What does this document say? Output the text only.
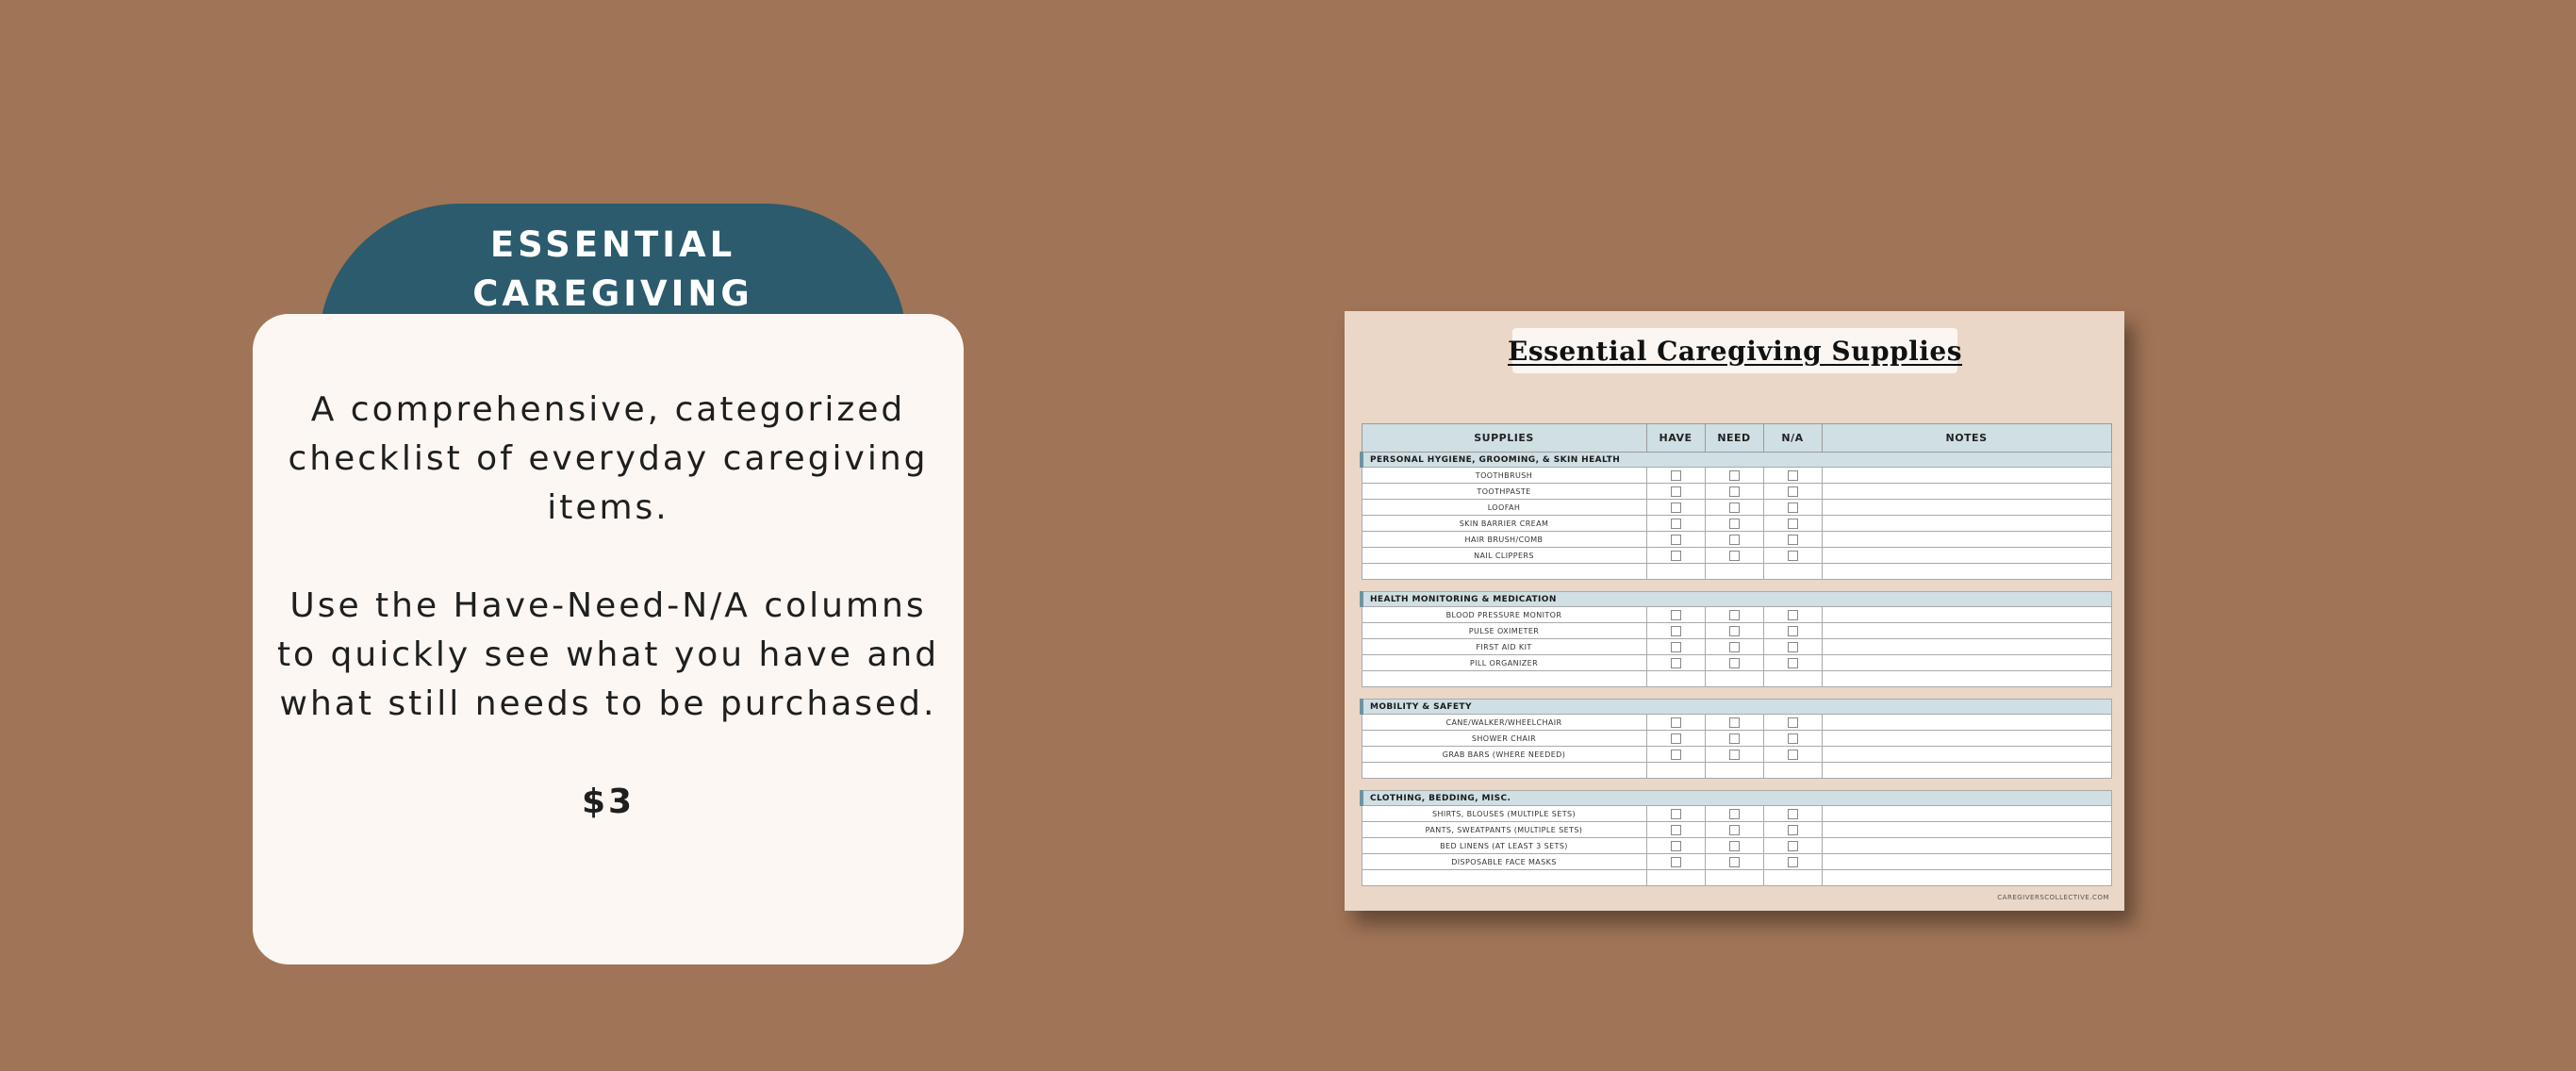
ESSENTIAL CAREGIVING

A comprehensive, categorized checklist of everyday caregiving items.

Use the Have-Need-N/A columns to quickly see what you have and what still needs to be purchased.

$3

Essential Caregiving Supplies
SUPPLIES	HAVE	NEED	N/A	NOTES
PERSONAL HYGIENE, GROOMING, & SKIN HEALTH				
TOOTHBRUSH				
TOOTHPASTE				
LOOFAH				
SKIN BARRIER CREAM				
HAIR BRUSH/COMB				
NAIL CLIPPERS				

HEALTH MONITORING & MEDICATION				
BLOOD PRESSURE MONITOR				
PULSE OXIMETER				
FIRST AID KIT				
PILL ORGANIZER				

MOBILITY & SAFETY				
CANE/WALKER/WHEELCHAIR				
SHOWER CHAIR				
GRAB BARS (WHERE NEEDED)				

CLOTHING, BEDDING, MISC.				
SHIRTS, BLOUSES (MULTIPLE SETS)				
PANTS, SWEATPANTS (MULTIPLE SETS)				
BED LINENS (AT LEAST 3 SETS)				
DISPOSABLE FACE MASKS				

CAREGIVERSCOLLECTIVE.COM
